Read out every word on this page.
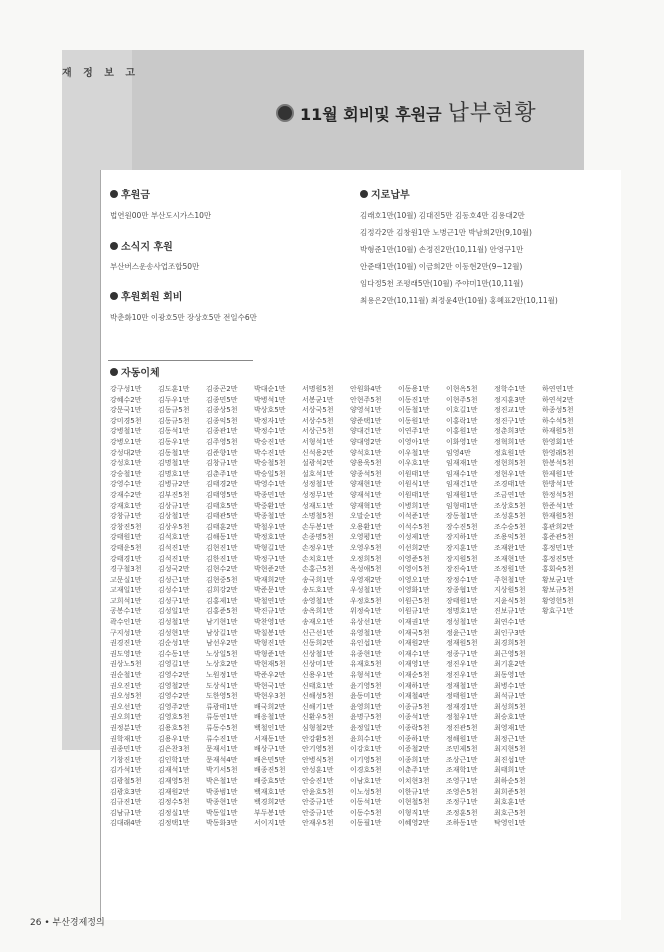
재 정 보 고
11월 회비및 후원금 납부현황
후원금
법연원00만 부산도시가스10만
소식지 후원
부산버스운송사업조합50만
후원회원 회비
박춘화10만 이광호5만 장상호5만 전일수6만
지로납부
김래호1만(10월) 김대진5만 김동호4만 김용대2만
김정각2만 김창원1만 노병근1만 박남희2만(9,10월)
박형준1만(10월) 손정진2만(10,11월) 안영구1만
안준태1만(10월) 이금희2만 이동현2만(9~12월)
임다정5천 조평래5만(10월) 주야미1만(10,11월)
최용은2만(10,11월) 최정윤4만(10월) 홍혜표2만(10,11월)
자동이체
강구성1만
강혜수2만
강문국1만
강미경5천
강병철1만
강병오1만
강성대2만
강성호1만
강승철1만
강영수1만
강재수2만
강재호1만
강창규1만
강창진5천
강태원1만
강태운5천
강태경1만
경구철3천
고문실1만
고재일1만
고희석1만
공봉수1만
곽수인1만
구지성1만
권경진1만
권도영1만
권상노5천
권순철1만
권오진1만
권오성5천
권오선1만
권오희1만
권정분1만
권학재1만
권종민1만
기창진1만
김가석1만
김광철5천
김광호3만
김규진1만
김남규1만
김대래4만
김도훈1만
김두우1만
김동규5천
김동규5천
김동석1만
김동우1만
김동철1만
김명철1만
김명호1만
김병규2만
김부진5천
김상규1만
김상철1만
김상우5천
김석호1만
김석진1만
김석진1만
김성국2만
김성근1만
김성수1만
김성구1만
김성일1만
김성철1만
김성현1만
김순성1만
김수동1만
김영길1만
김영수2만
김영철2만
김영수2만
김영주2만
김영호5천
김용호5천
김용우1만
김은찬3천
김인학1만
김재석1만
김재영5천
김재원2만
김정수5천
김정실1만
김정택1만
김종곤2만
김종민5만
김종상5천
김종익5천
김종관1만
김주영5천
김준향1만
김창규1만
김춘주1만
김태경2만
김태영5만
김태호5만
김태관5만
김태훈2만
김해동1만
김현진1만
김한진1만
김현수2만
김현중5천
김희강2만
김홍제1만
김홍준5천
남기현1만
남상길1만
남선우2만
노상일5천
노상호2만
노원정1만
도상식1만
도한영5천
류광태1만
류동연1만
류동수5천
류수진1만
문재서1만
문재석4만
박기서5천
박은철1만
박종범1만
박종현1만
박동일1만
박동화3만
박대순1만
박병석1만
박상호5만
박정자1만
박정수1만
박승진1만
박수진1만
박승철5천
박승일5천
박영수1만
박종민1만
박중환1만
박종철1만
박철우1만
박정호1만
박형길1만
박정구1만
박현준2만
박재희2만
박준문1만
박철연1만
박진규1만
박찬영1만
박칠봉1만
박형진1만
박형준1만
박현재5천
박준우2만
박현국1만
박현우3천
배국희2만
배응철1만
백철인1만
서재동1만
배상구1만
배은민5만
배종진5천
배중효5만
백재호1만
백경희2만
부두봉1만
서이지1만
서명원5천
서봉균1만
서상국5천
서상수5천
서상근5천
서형석1만
신석용2만
설광석2만
설호석1만
성정철1만
성정무1만
성재도1만
소명철5천
손두봉1만
손종명5천
손정우1만
손치호1만
손홍근5천
송국희1만
송도호1만
송영철1만
송옥희1만
송재오1만
신근선1만
신동희2만
신상철1만
신상미1만
신용우1만
신태호1만
신해성5천
신해기1만
신환우5천
심형철2만
안강환5천
안기영5천
안병식5천
안성훈1만
안승진1만
안윤호5천
안중규1만
안중규1만
안재우5천
안원화4만
안현주5천
양영석1만
양준택1만
양대건1만
양대영2만
양석호1만
양용욱5천
양종석5천
양재현1만
양재석1만
양재혁1만
오말순1만
오용환1만
오영평1만
오영우5천
오정희5천
옥성애5천
우영재2만
우성철1만
우정호5천
위정숙1만
유상선1만
유영철1만
유인섭1만
유종현1만
유재호5천
유형석1만
윤기영5천
윤동미1만
윤영희1만
윤명구5천
윤정일1만
윤희수1만
이강호1만
이기영5천
이경호5천
이남호1만
이노성5천
이동석1만
이동수5천
이동필1만
이동용1만
이동진1만
이동철1만
이동원1만
이연주1만
이영아1만
이우철1만
이우호1만
이원태1만
이원식1만
이원태1만
이병희1만
이석준1만
이석수5천
이성제1만
이선희2만
이영준5천
이영이5천
이영오1만
이영화1만
이원근5천
이원규1만
이재권1만
이재국5천
이재원2만
이재수1만
이재영1만
이재순5천
이재하1만
이재철4만
이종규5천
이종석1만
이종락5천
이종하1만
이증철2만
이종희1만
이춘주1만
이치현3천
이한규1만
이현철5천
이형직1만
이혜영2만
이현옥5천
이현주5천
이호길1만
이홍락1만
이홍원1만
이화영1만
임영4만
임재재1만
임재수1만
임재건1만
임재원1만
임형태1만
장동철1만
장수진5천
장지하1만
장지훈1만
장지원5천
장진숙1만
장정수1만
장종협1만
장태원1만
정명호1만
정성철1만
정윤근1만
정재원5천
정종구1만
정진우1만
정진우1만
정재철1만
정태원1만
정재경1만
정철우1만
정진관5천
정해원1만
조민제5천
조상근1만
조재학1만
조영구1만
조영은5천
조정구1만
조정훈5천
조하동1만
정학수1만
정지훈3만
정진교1만
정진구1만
정춘희3만
정혁희1만
정효원1만
정현희5천
정현우1만
조경태1만
조금연1만
조상호5천
조성훈5천
조수승5천
조용익5천
조재완1만
조재현1만
조정원1만
주현철1만
지상원5천
지윤식5천
진보규1만
최연수1만
최인구3만
최경희5천
최근영5천
최기훈2만
최동영1만
최병수1만
최석규1만
최성희5천
최승호1만
최영재1만
최정근1만
최지현5천
최진섭1만
최태희1만
최하순5천
최희준5천
최호훈1만
최호근5천
탁영인1만
하연연1만
하연석2만
하종성5천
하수석5천
하재원5천
한영회1만
한영래5천
한봉석5천
한제원1만
한방석1만
한정석5천
한준석1만
한재원5천
홍관희2만
홍준관5천
홍정민1만
홍정진5만
홍회숙5천
황보균1만
황보규5천
황영헌5천
황효구1만
26 • 부산경제정의
